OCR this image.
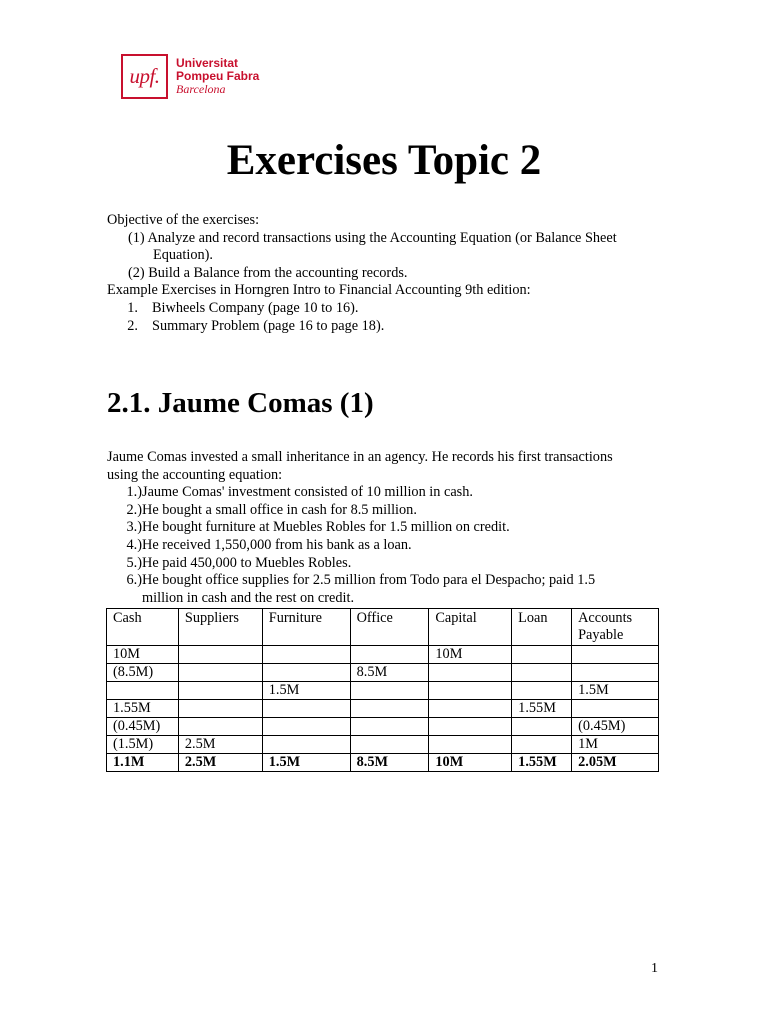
upf.
Universitat
Pompeu Fabra
Barcelona
Exercises Topic 2
Objective of the exercises:
(1) Analyze and record transactions using the Accounting Equation (or Balance Sheet
Equation).
(2) Build a Balance from the accounting records.
Example Exercises in Horngren Intro to Financial Accounting 9th edition:
1. Biwheels Company (page 10 to 16).
2. Summary Problem (page 16 to page 18).
2.1. Jaume Comas (1)
Jaume Comas invested a small inheritance in an agency. He records his first transactions
using the accounting equation:
1.) Jaume Comas' investment consisted of 10 million in cash.
2.) He bought a small office in cash for 8.5 million.
3.) He bought furniture at Muebles Robles for 1.5 million on credit.
4.) He received 1,550,000 from his bank as a loan.
5.) He paid 450,000 to Muebles Robles.
6.) He bought office supplies for 2.5 million from Todo para el Despacho; paid 1.5
million in cash and the rest on credit.
Cash	Suppliers	Furniture	Office	Capital	Loan	Accounts Payable
10M				10M		
(8.5M)			8.5M			
		1.5M				1.5M
1.55M					1.55M	
(0.45M)						(0.45M)
(1.5M)	2.5M					1M
1.1M	2.5M	1.5M	8.5M	10M	1.55M	2.05M
1
